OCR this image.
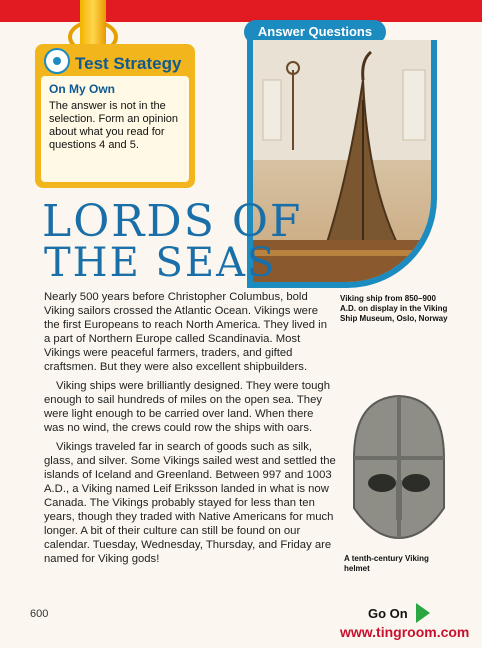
Answer Questions
Test Strategy
On My Own
The answer is not in the selection. Form an opinion about what you read for questions 4 and 5.
LORDS OF
THE SEAS
Viking ship from 850–900 A.D. on display in the Viking Ship Museum, Oslo, Norway

Nearly 500 years before Christopher Columbus, bold Viking sailors crossed the Atlantic Ocean. Vikings were the first Europeans to reach North America. They lived in a part of Northern Europe called Scandinavia. Most Vikings were peaceful farmers, traders, and gifted craftsmen. But they were also excellent shipbuilders.

Viking ships were brilliantly designed. They were tough enough to sail hundreds of miles on the open sea. They were light enough to be carried over land. When there was no wind, the crews could row the ships with oars.

Vikings traveled far in search of goods such as silk, glass, and silver. Some Vikings sailed west and settled the islands of Iceland and Greenland. Between 997 and 1003 A.D., a Viking named Leif Eriksson landed in what is now Canada. The Vikings probably stayed for less than ten years, though they traded with Native Americans for much longer. A bit of their culture can still be found on our calendar. Tuesday, Wednesday, Thursday, and Friday are named for Viking gods!	A tenth-century Viking helmet
600	Go On
www.tingroom.com
